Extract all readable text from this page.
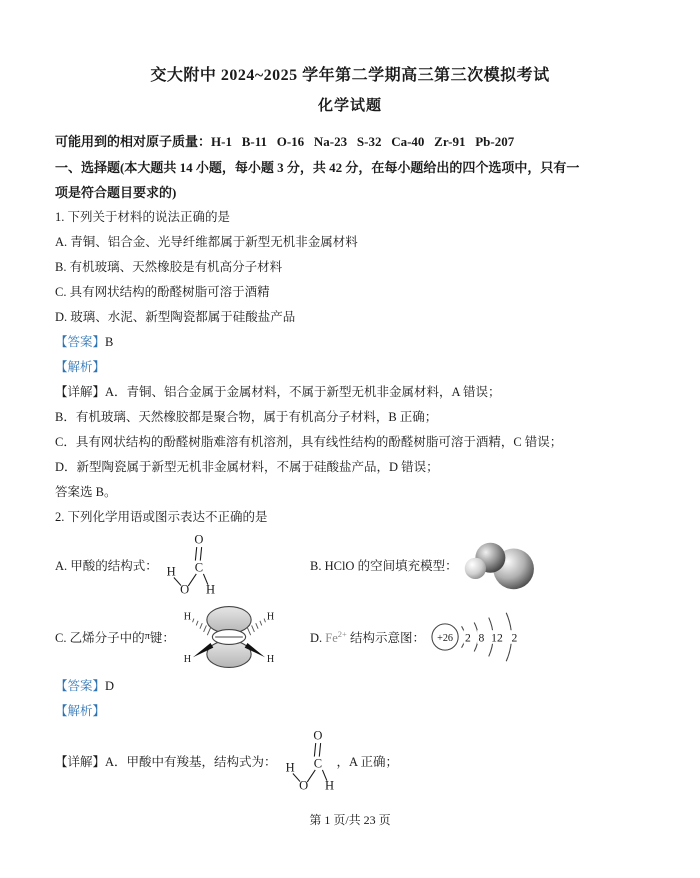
交大附中 2024~2025 学年第二学期高三第三次模拟考试

化学试题

可能用到的相对原子质量：H-1   B-11   O-16   Na-23   S-32   Ca-40   Zr-91   Pb-207

一、选择题(本大题共 14 小题，每小题 3 分，共 42 分，在每小题给出的四个选项中，只有一

项是符合题目要求的)

1. 下列关于材料的说法正确的是

A. 青铜、铝合金、光导纤维都属于新型无机非金属材料

B. 有机玻璃、天然橡胶是有机高分子材料

C. 具有网状结构的酚醛树脂可溶于酒精

D. 玻璃、水泥、新型陶瓷都属于硅酸盐产品

【答案】B

【解析】

【详解】A．青铜、铝合金属于金属材料，不属于新型无机非金属材料，A 错误；

B．有机玻璃、天然橡胶都是聚合物，属于有机高分子材料，B 正确；

C．具有网状结构的酚醛树脂难溶有机溶剂，具有线性结构的酚醛树脂可溶于酒精，C 错误；

D．新型陶瓷属于新型无机非金属材料，不属于硅酸盐产品，D 错误；

答案选 B。

2. 下列化学用语或图示表达不正确的是

A. 甲酸的结构式：
O
C
H
O H
B. HClO 的空间填充模型：
C. 乙烯分子中的$^\pi$键：
H
H
H
H
D. $Fe^{2+}$ 结构示意图： +26 2 8 12 2

【答案】D

【解析】

【详解】A．甲酸中有羧基，结构式为：
O
C
H
O H
，A 正确；
第 1 页/共 23 页
